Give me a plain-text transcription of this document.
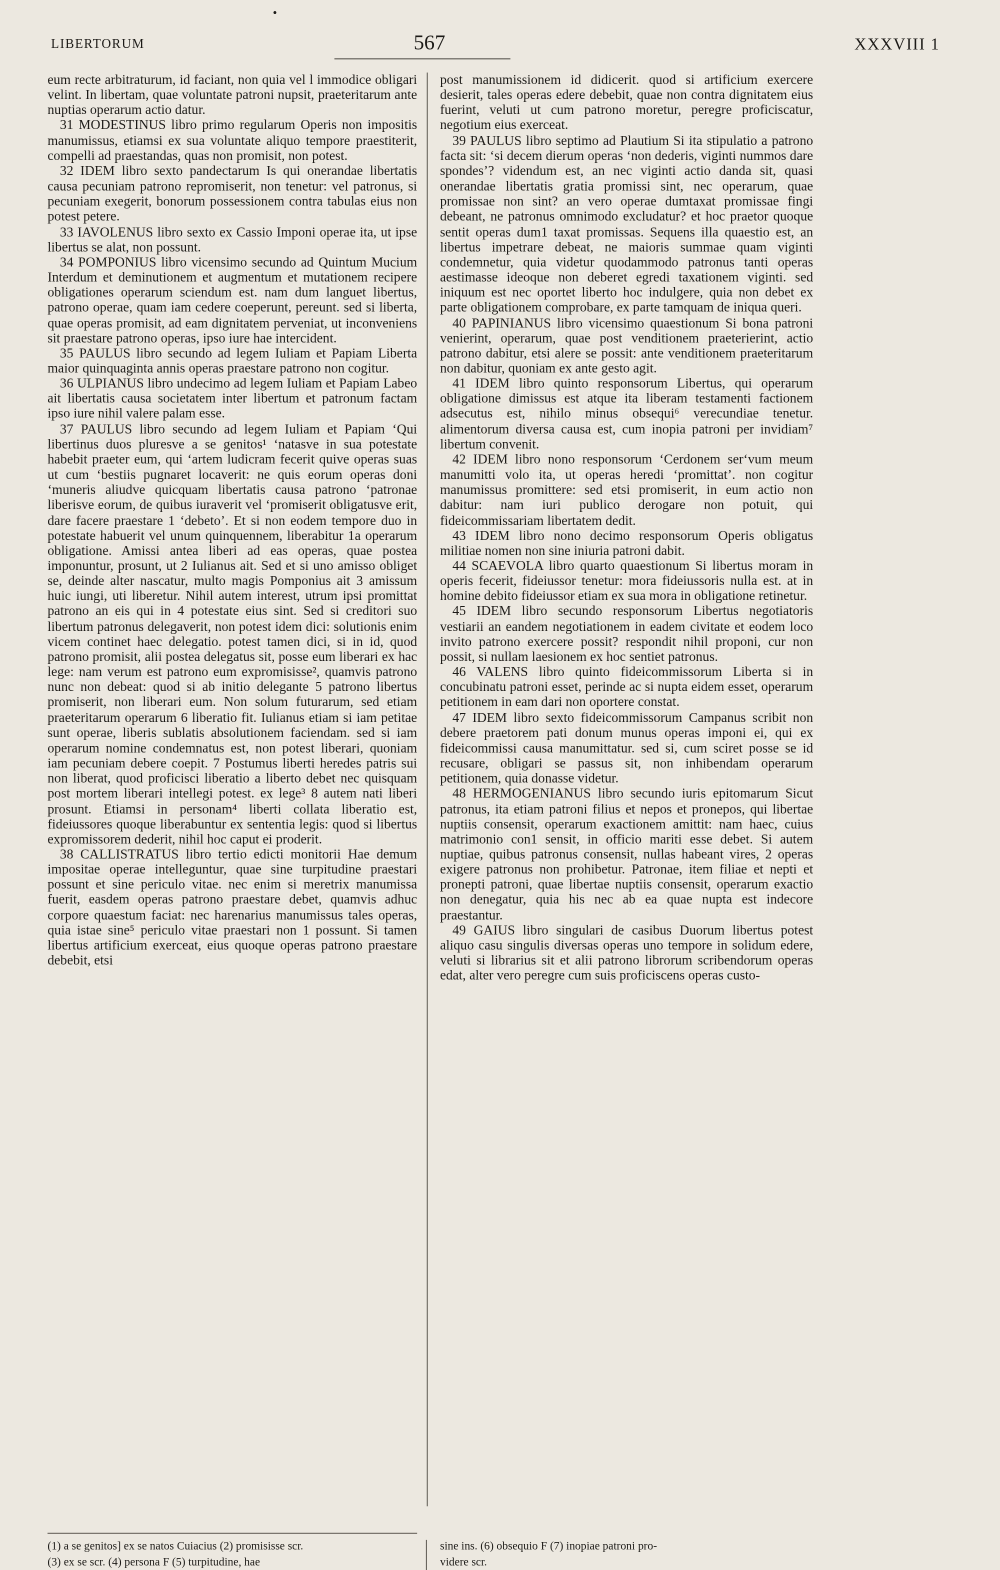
•
LIBERTORUM	567	XXXVIII 1

eum recte arbitraturum, id faciant, non quia vel l immodice obligari velint. In libertam, quae voluntate patroni nupsit, praeteritarum ante nuptias operarum actio datur.

31 MODESTINUS libro primo regularum Operis non impositis manumissus, etiamsi ex sua voluntate aliquo tempore praestiterit, compelli ad praestandas, quas non promisit, non potest.

32 IDEM libro sexto pandectarum Is qui onerandae libertatis causa pecuniam patrono repromiserit, non tenetur: vel patronus, si pecuniam exegerit, bonorum possessionem contra tabulas eius non potest petere.

33 IAVOLENUS libro sexto ex Cassio Imponi operae ita, ut ipse libertus se alat, non possunt.

34 POMPONIUS libro vicensimo secundo ad Quintum Mucium Interdum et deminutionem et augmentum et mutationem recipere obligationes operarum sciendum est. nam dum languet libertus, patrono operae, quam iam cedere coeperunt, pereunt. sed si liberta, quae operas promisit, ad eam dignitatem perveniat, ut inconveniens sit praestare patrono operas, ipso iure hae intercident.

35 PAULUS libro secundo ad legem Iuliam et Papiam Liberta maior quinquaginta annis operas praestare patrono non cogitur.

36 ULPIANUS libro undecimo ad legem Iuliam et Papiam Labeo ait libertatis causa societatem inter libertum et patronum factam ipso iure nihil valere palam esse.

37 PAULUS libro secundo ad legem Iuliam et Papiam ‘Qui libertinus duos pluresve a se genitos¹ ‘natasve in sua potestate habebit praeter eum, qui ‘artem ludicram fecerit quive operas suas ut cum ‘bestiis pugnaret locaverit: ne quis eorum operas doni ‘muneris aliudve quicquam libertatis causa patrono ‘patronae liberisve eorum, de quibus iuraverit vel ‘promiserit obligatusve erit, dare facere praestare 1 ‘debeto’. Et si non eodem tempore duo in potestate habuerit vel unum quinquennem, liberabitur 1a operarum obligatione. Amissi antea liberi ad eas operas, quae postea imponuntur, prosunt, ut 2 Iulianus ait. Sed et si uno amisso obliget se, deinde alter nascatur, multo magis Pomponius ait 3 amissum huic iungi, uti liberetur. Nihil autem interest, utrum ipsi promittat patrono an eis qui in 4 potestate eius sint. Sed si creditori suo libertum patronus delegaverit, non potest idem dici: solutionis enim vicem continet haec delegatio. potest tamen dici, si in id, quod patrono promisit, alii postea delegatus sit, posse eum liberari ex hac lege: nam verum est patrono eum expromisisse², quamvis patrono nunc non debeat: quod si ab initio delegante 5 patrono libertus promiserit, non liberari eum. Non solum futurarum, sed etiam praeteritarum operarum 6 liberatio fit. Iulianus etiam si iam petitae sunt operae, liberis sublatis absolutionem faciendam. sed si iam operarum nomine condemnatus est, non potest liberari, quoniam iam pecuniam debere coepit. 7 Postumus liberti heredes patris sui non liberat, quod proficisci liberatio a liberto debet nec quisquam post mortem liberari intellegi potest. ex lege³ 8 autem nati liberi prosunt. Etiamsi in personam⁴ liberti collata liberatio est, fideiussores quoque liberabuntur ex sententia legis: quod si libertus expromissorem dederit, nihil hoc caput ei proderit.

38 CALLISTRATUS libro tertio edicti monitorii Hae demum impositae operae intelleguntur, quae sine turpitudine praestari possunt et sine periculo vitae. nec enim si meretrix manumissa fuerit, easdem operas patrono praestare debet, quamvis adhuc corpore quaestum faciat: nec harenarius manumissus tales operas, quia istae sine⁵ periculo vitae praestari non 1 possunt. Si tamen libertus artificium exerceat, eius quoque operas patrono praestare debebit, etsi

post manumissionem id didicerit. quod si artificium exercere desierit, tales operas edere debebit, quae non contra dignitatem eius fuerint, veluti ut cum patrono moretur, peregre proficiscatur, negotium eius exerceat.

39 PAULUS libro septimo ad Plautium Si ita stipulatio a patrono facta sit: ‘si decem dierum operas ‘non dederis, viginti nummos dare spondes’? videndum est, an nec viginti actio danda sit, quasi onerandae libertatis gratia promissi sint, nec operarum, quae promissae non sint? an vero operae dumtaxat promissae fingi debeant, ne patronus omnimodo excludatur? et hoc praetor quoque sentit operas dum1 taxat promissas. Sequens illa quaestio est, an libertus impetrare debeat, ne maioris summae quam viginti condemnetur, quia videtur quodammodo patronus tanti operas aestimasse ideoque non deberet egredi taxationem viginti. sed iniquum est nec oportet liberto hoc indulgere, quia non debet ex parte obligationem comprobare, ex parte tamquam de iniqua queri.

40 PAPINIANUS libro vicensimo quaestionum Si bona patroni venierint, operarum, quae post venditionem praeterierint, actio patrono dabitur, etsi alere se possit: ante venditionem praeteritarum non dabitur, quoniam ex ante gesto agit.

41 IDEM libro quinto responsorum Libertus, qui operarum obligatione dimissus est atque ita liberam testamenti factionem adsecutus est, nihilo minus obsequi⁶ verecundiae tenetur. alimentorum diversa causa est, cum inopia patroni per invidiam⁷ libertum convenit.

42 IDEM libro nono responsorum ‘Cerdonem ser‘vum meum manumitti volo ita, ut operas heredi ‘promittat’. non cogitur manumissus promittere: sed etsi promiserit, in eum actio non dabitur: nam iuri publico derogare non potuit, qui fideicommissariam libertatem dedit.

43 IDEM libro nono decimo responsorum Operis obligatus militiae nomen non sine iniuria patroni dabit.

44 SCAEVOLA libro quarto quaestionum Si libertus moram in operis fecerit, fideiussor tenetur: mora fideiussoris nulla est. at in homine debito fideiussor etiam ex sua mora in obligatione retinetur.

45 IDEM libro secundo responsorum Libertus negotiatoris vestiarii an eandem negotiationem in eadem civitate et eodem loco invito patrono exercere possit? respondit nihil proponi, cur non possit, si nullam laesionem ex hoc sentiet patronus.

46 VALENS libro quinto fideicommissorum Liberta si in concubinatu patroni esset, perinde ac si nupta eidem esset, operarum petitionem in eam dari non oportere constat.

47 IDEM libro sexto fideicommissorum Campanus scribit non debere praetorem pati donum munus operas imponi ei, qui ex fideicommissi causa manumittatur. sed si, cum sciret posse se id recusare, obligari se passus sit, non inhibendam operarum petitionem, quia donasse videtur.

48 HERMOGENIANUS libro secundo iuris epitomarum Sicut patronus, ita etiam patroni filius et nepos et pronepos, qui libertae nuptiis consensit, operarum exactionem amittit: nam haec, cuius matrimonio con1 sensit, in officio mariti esse debet. Si autem nuptiae, quibus patronus consensit, nullas habeant vires, 2 operas exigere patronus non prohibetur. Patronae, item filiae et nepti et pronepti patroni, quae libertae nuptiis consensit, operarum exactio non denegatur, quia his nec ab ea quae nupta est indecore praestantur.

49 GAIUS libro singulari de casibus Duorum libertus potest aliquo casu singulis diversas operas uno tempore in solidum edere, veluti si librarius sit et alii patrono librorum scribendorum operas edat, alter vero peregre cum suis proficiscens operas custo-

(1) a se genitos] ex se natos Cuiacius (2) promisisse scr.
(3) ex se scr. (4) persona F (5) turpitudine, hae
sine ins. (6) obsequio F (7) inopiae patroni pro-
videre scr.
